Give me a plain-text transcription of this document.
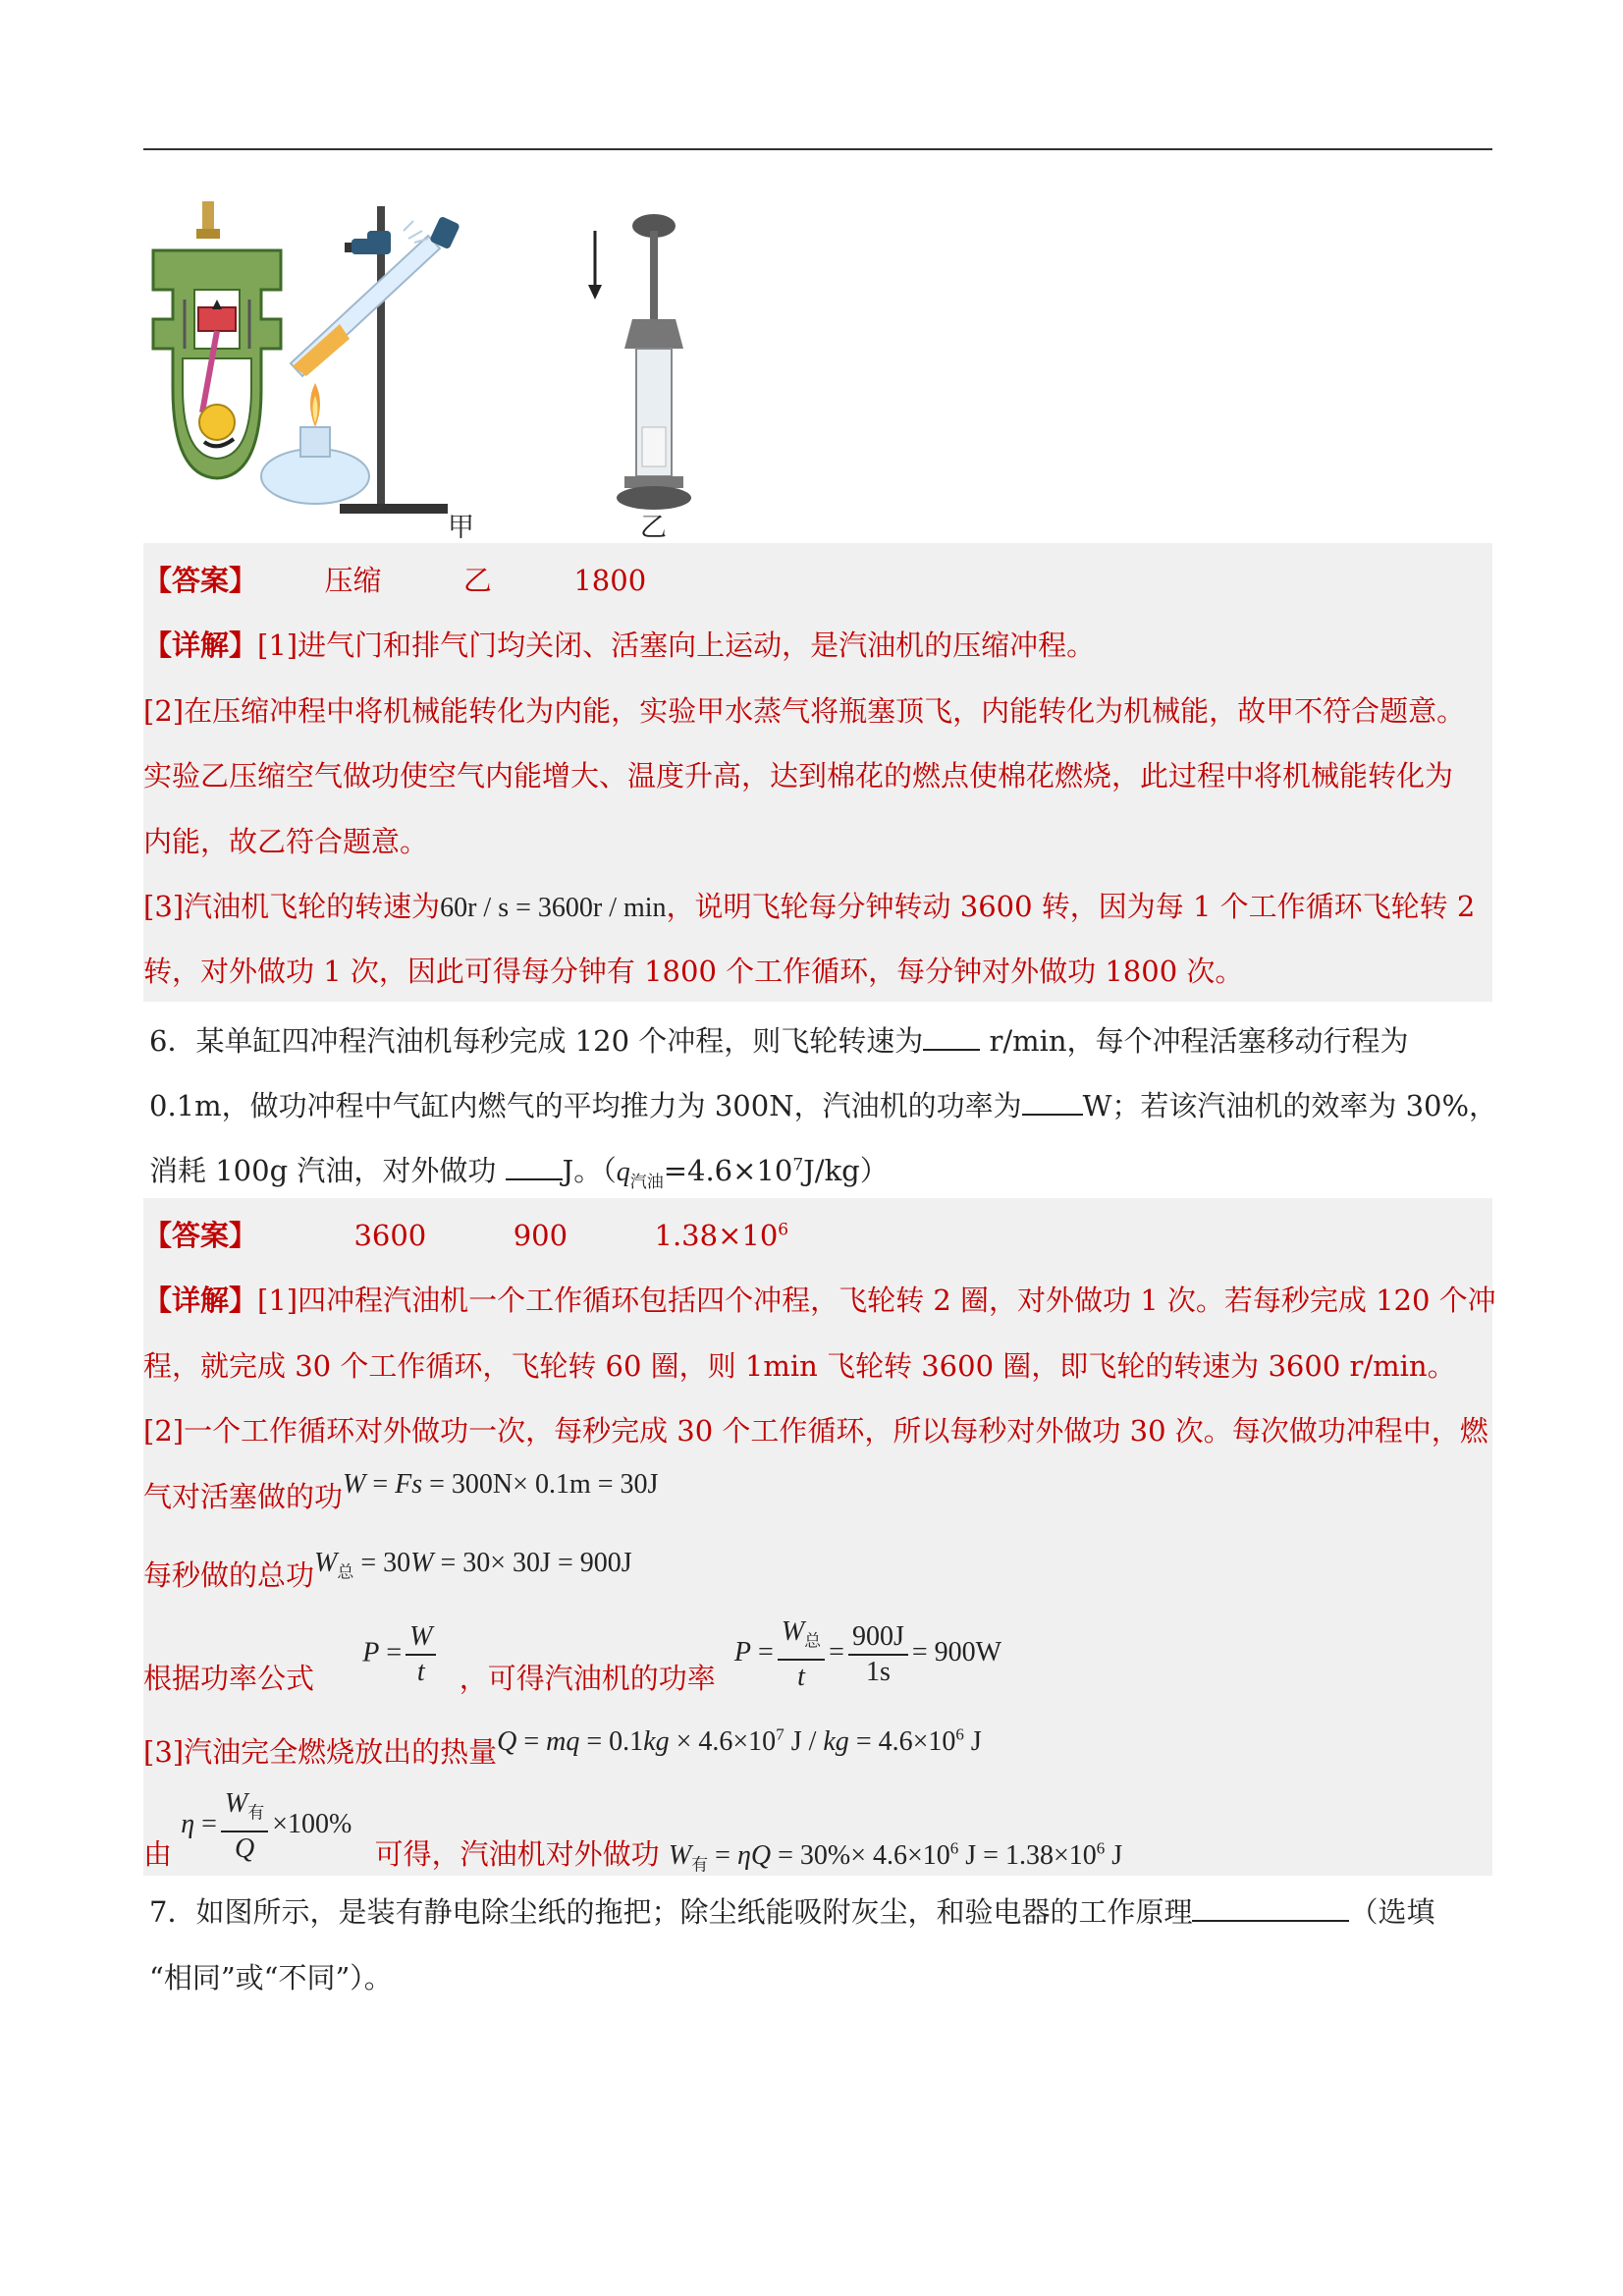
甲	乙
【答案】 压缩	乙	1800
【详解】[1]进气门和排气门均关闭、活塞向上运动，是汽油机的压缩冲程。
[2]在压缩冲程中将机械能转化为内能，实验甲水蒸气将瓶塞顶飞，内能转化为机械能，故甲不符合题意。
实验乙压缩空气做功使空气内能增大、温度升高，达到棉花的燃点使棉花燃烧，此过程中将机械能转化为
内能，故乙符合题意。
[3]汽油机飞轮的转速为60r / s = 3600r / min，说明飞轮每分钟转动 3600 转，因为每 1 个工作循环飞轮转 2
转，对外做功 1 次，因此可得每分钟有 1800 个工作循环，每分钟对外做功 1800 次。
6．某单缸四冲程汽油机每秒完成 120 个冲程，则飞轮转速为 r/min，每个冲程活塞移动行程为
0.1m，做功冲程中气缸内燃气的平均推力为 300N，汽油机的功率为 W；若该汽油机的效率为 30%，
消耗 100g 汽油，对外做功 J。$(q_{汽油}=4.6\times 10^7J/kg)$
【答案】	3600	900	$1.38\times 10^6$
【详解】[1]四冲程汽油机一个工作循环包括四个冲程，飞轮转 2 圈，对外做功 1 次。若每秒完成 120 个冲
程，就完成 30 个工作循环，飞轮转 60 圈，则 1min 飞轮转 3600 圈，即飞轮的转速为 3600 r/min。
[2]一个工作循环对外做功一次，每秒完成 30 个工作循环，所以每秒对外做功 30 次。每次做功冲程中，燃
气对活塞做的功W = Fs = 300N× 0.1m = 30J
每秒做的总功$W_总 = 30W = 30\times 30J = 900J$
根据功率公式 $P = \frac{W}{t}$ ，可得汽油机的功率 $P = \frac{W_总}{t} = \frac{900J}{1s} = 900W$
[3]汽油完全燃烧放出的热量Q = mq = $0.1kg \times 4.6\times 10^7$ J / kg = $4.6\times 10^6$ J
由 $\eta = \frac{W_有}{Q} \times 100\%$ 可得，汽油机对外做功 $W_有 = \eta Q = 30\%\times 4.6\times 10^6$ $J = 1.38\times 10^6$ J
7．如图所示，是装有静电除尘纸的拖把；除尘纸能吸附灰尘，和验电器的工作原理	（选填
“相同”或“不同”）。
